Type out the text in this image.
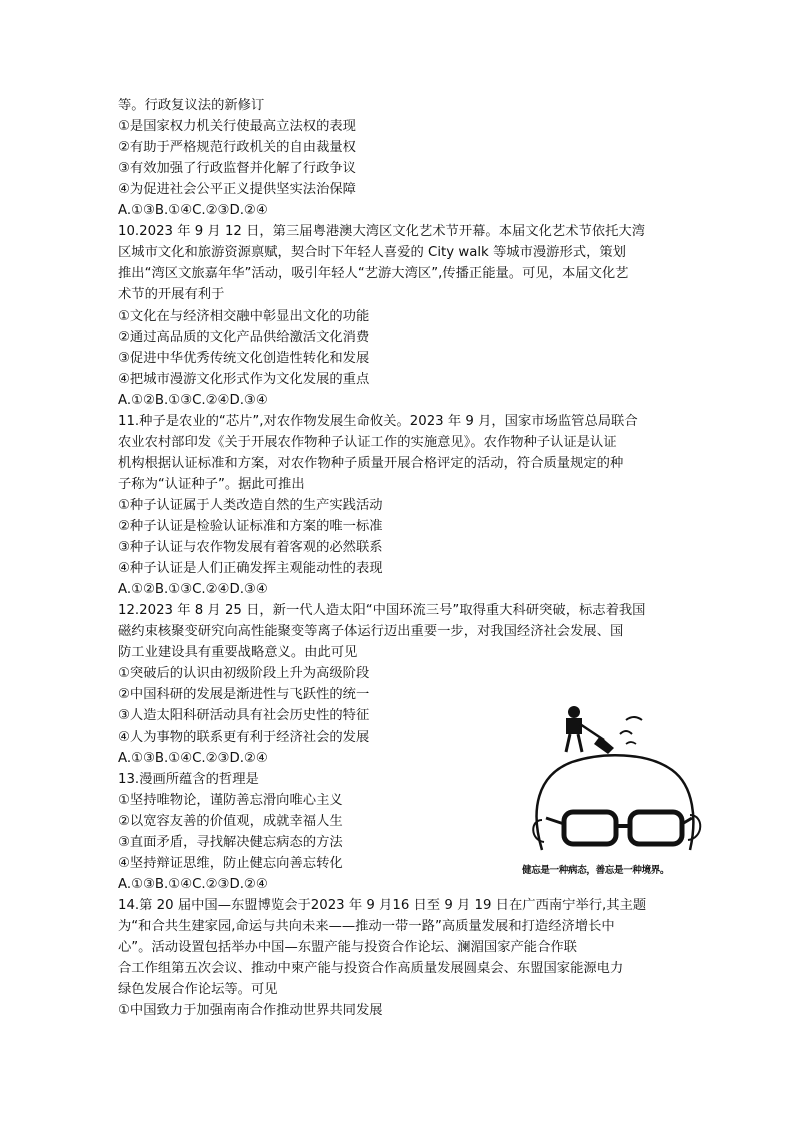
等。行政复议法的新修订
①是国家权力机关行使最高立法权的表现
②有助于严格规范行政机关的自由裁量权
③有效加强了行政监督并化解了行政争议
④为促进社会公平正义提供坚实法治保障
A.①③B.①④C.②③D.②④
10.2023 年 9 月 12 日，第三届粤港澳大湾区文化艺术节开幕。本届文化艺术节依托大湾
区城市文化和旅游资源禀赋，契合时下年轻人喜爱的 City walk 等城市漫游形式，策划
推出“湾区文旅嘉年华”活动，吸引年轻人“艺游大湾区”,传播正能量。可见，本届文化艺
术节的开展有利于
①文化在与经济相交融中彰显出文化的功能
②通过高品质的文化产品供给激活文化消费
③促进中华优秀传统文化创造性转化和发展
④把城市漫游文化形式作为文化发展的重点
A.①②B.①③C.②④D.③④
11.种子是农业的“芯片”,对农作物发展生命攸关。2023 年 9 月，国家市场监管总局联合
农业农村部印发《关于开展农作物种子认证工作的实施意见》。农作物种子认证是认证
机构根据认证标准和方案，对农作物种子质量开展合格评定的活动，符合质量规定的种
子称为“认证种子”。据此可推出
①种子认证属于人类改造自然的生产实践活动
②种子认证是检验认证标准和方案的唯一标准
③种子认证与农作物发展有着客观的必然联系
④种子认证是人们正确发挥主观能动性的表现
A.①②B.①③C.②④D.③④
12.2023 年 8 月 25 日，新一代人造太阳“中国环流三号”取得重大科研突破，标志着我国
磁约束核聚变研究向高性能聚变等离子体运行迈出重要一步，对我国经济社会发展、国
防工业建设具有重要战略意义。由此可见
①突破后的认识由初级阶段上升为高级阶段
②中国科研的发展是渐进性与飞跃性的统一
③人造太阳科研活动具有社会历史性的特征
④人为事物的联系更有利于经济社会的发展
A.①③B.①④C.②③D.②④
13.漫画所蕴含的哲理是
①坚持唯物论，谨防善忘滑向唯心主义
②以宽容友善的价值观，成就幸福人生
③直面矛盾，寻找解决健忘病态的方法
④坚持辩证思维，防止健忘向善忘转化
A.①③B.①④C.②③D.②④
14.第 20 届中国—东盟博览会于2023 年 9 月16 日至 9 月 19 日在广西南宁举行,其主题
为“和合共生建家园,命运与共向未来——推动一带一路”高质量发展和打造经济增长中
心”。活动设置包括举办中国—东盟产能与投资合作论坛、澜湄国家产能合作联
合工作组第五次会议、推动中柬产能与投资合作高质量发展圆桌会、东盟国家能源电力
绿色发展合作论坛等。可见
①中国致力于加强南南合作推动世界共同发展
健忘是一种病态，善忘是一种境界。
